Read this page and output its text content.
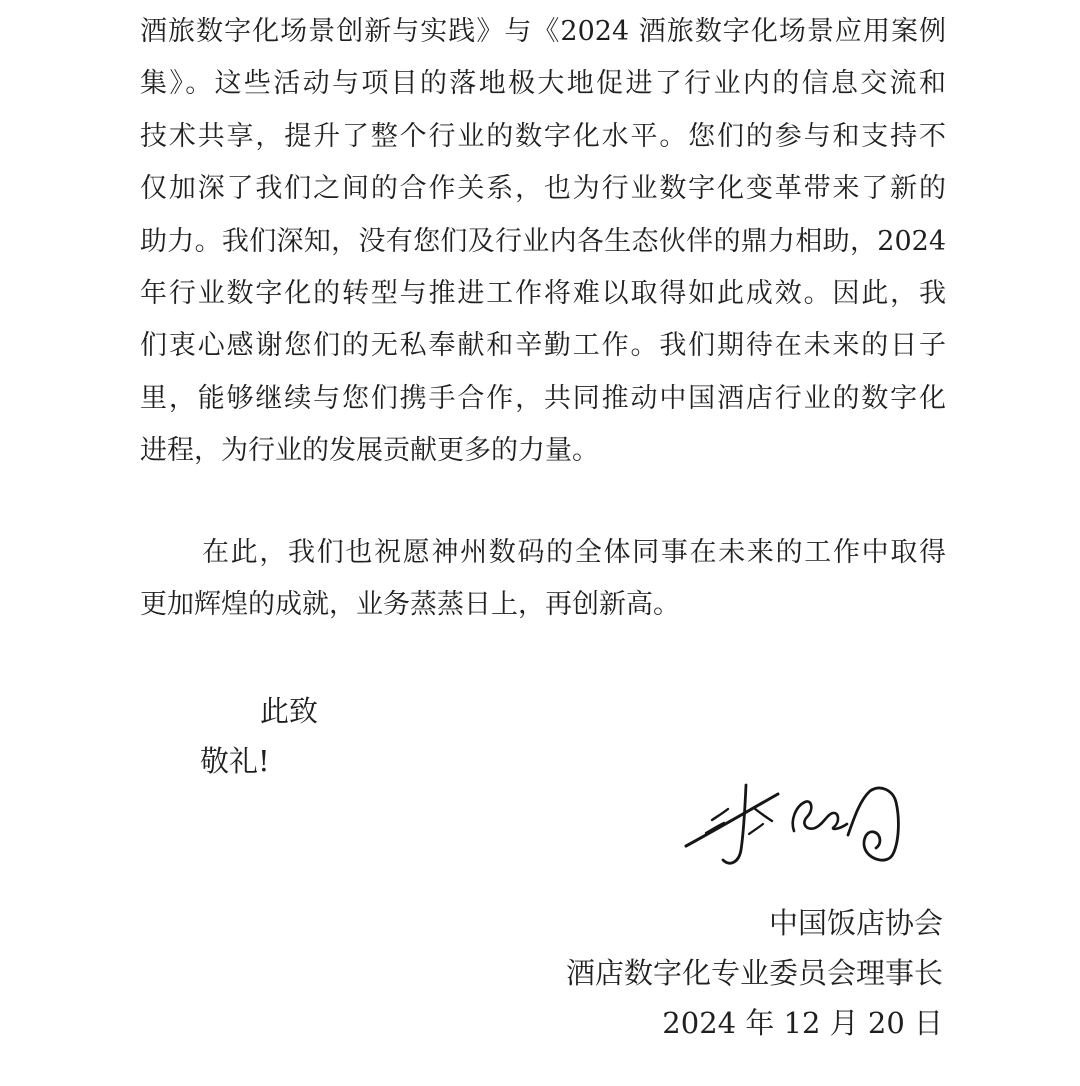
酒旅数字化场景创新与实践》与《2024 酒旅数字化场景应用案例
集》。这些活动与项目的落地极大地促进了行业内的信息交流和
技术共享，提升了整个行业的数字化水平。您们的参与和支持不
仅加深了我们之间的合作关系，也为行业数字化变革带来了新的
助力。我们深知，没有您们及行业内各生态伙伴的鼎力相助，2024
年行业数字化的转型与推进工作将难以取得如此成效。因此，我
们衷心感谢您们的无私奉献和辛勤工作。我们期待在未来的日子
里，能够继续与您们携手合作，共同推动中国酒店行业的数字化
进程，为行业的发展贡献更多的力量。
在此，我们也祝愿神州数码的全体同事在未来的工作中取得
更加辉煌的成就，业务蒸蒸日上，再创新高。
此致
敬礼!
中国饭店协会
酒店数字化专业委员会理事长
2024 年 12 月 20 日
